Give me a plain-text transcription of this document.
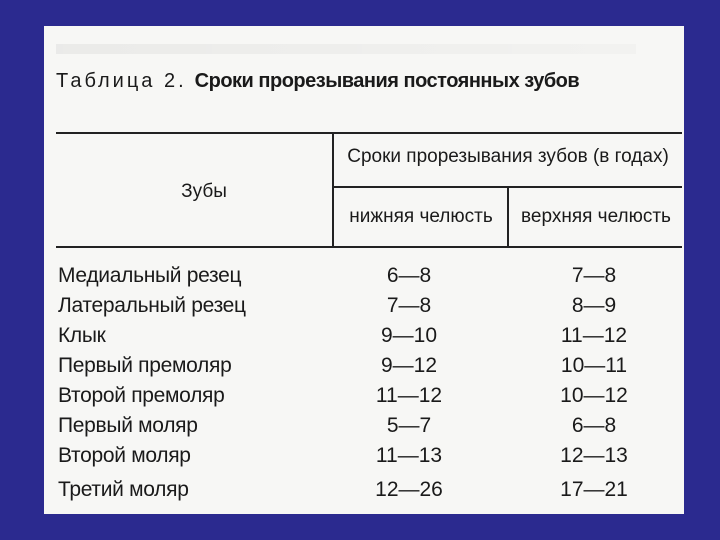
Таблица 2. Сроки прорезывания постоянных зубов
Зубы
Сроки прорезывания зубов (в годах)
нижняя челюсть	верхняя челюсть
Медиальный резец	6—8	7—8
Латеральный резец	7—8	8—9
Клык	9—10	11—12
Первый премоляр	9—12	10—11
Второй премоляр	11—12	10—12
Первый моляр	5—7	6—8
Второй моляр	11—13	12—13
Третий моляр	12—26	17—21
